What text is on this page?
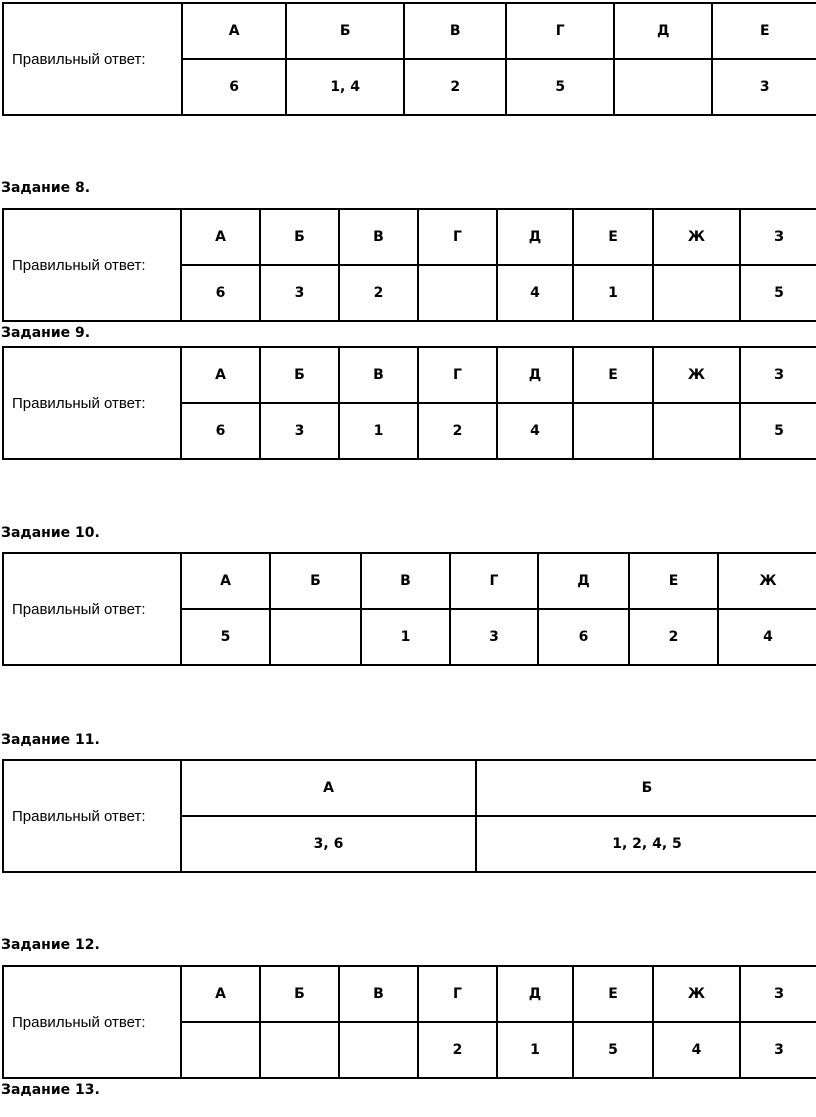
Правильный ответ:	А	Б	В	Г	Д	Е
	6	1, 4	2	5		3

Задание 8.

Правильный ответ:	А	Б	В	Г	Д	Е	Ж	З
	6	3	2		4	1		5

Задание 9.

Правильный ответ:	А	Б	В	Г	Д	Е	Ж	З
	6	3	1	2	4			5

Задание 10.

Правильный ответ:	А	Б	В	Г	Д	Е	Ж
	5		1	3	6	2	4

Задание 11.

Правильный ответ:	А	Б
	3, 6	1, 2, 4, 5

Задание 12.

Правильный ответ:	А	Б	В	Г	Д	Е	Ж	З
				2	1	5	4	3

Задание 13.
